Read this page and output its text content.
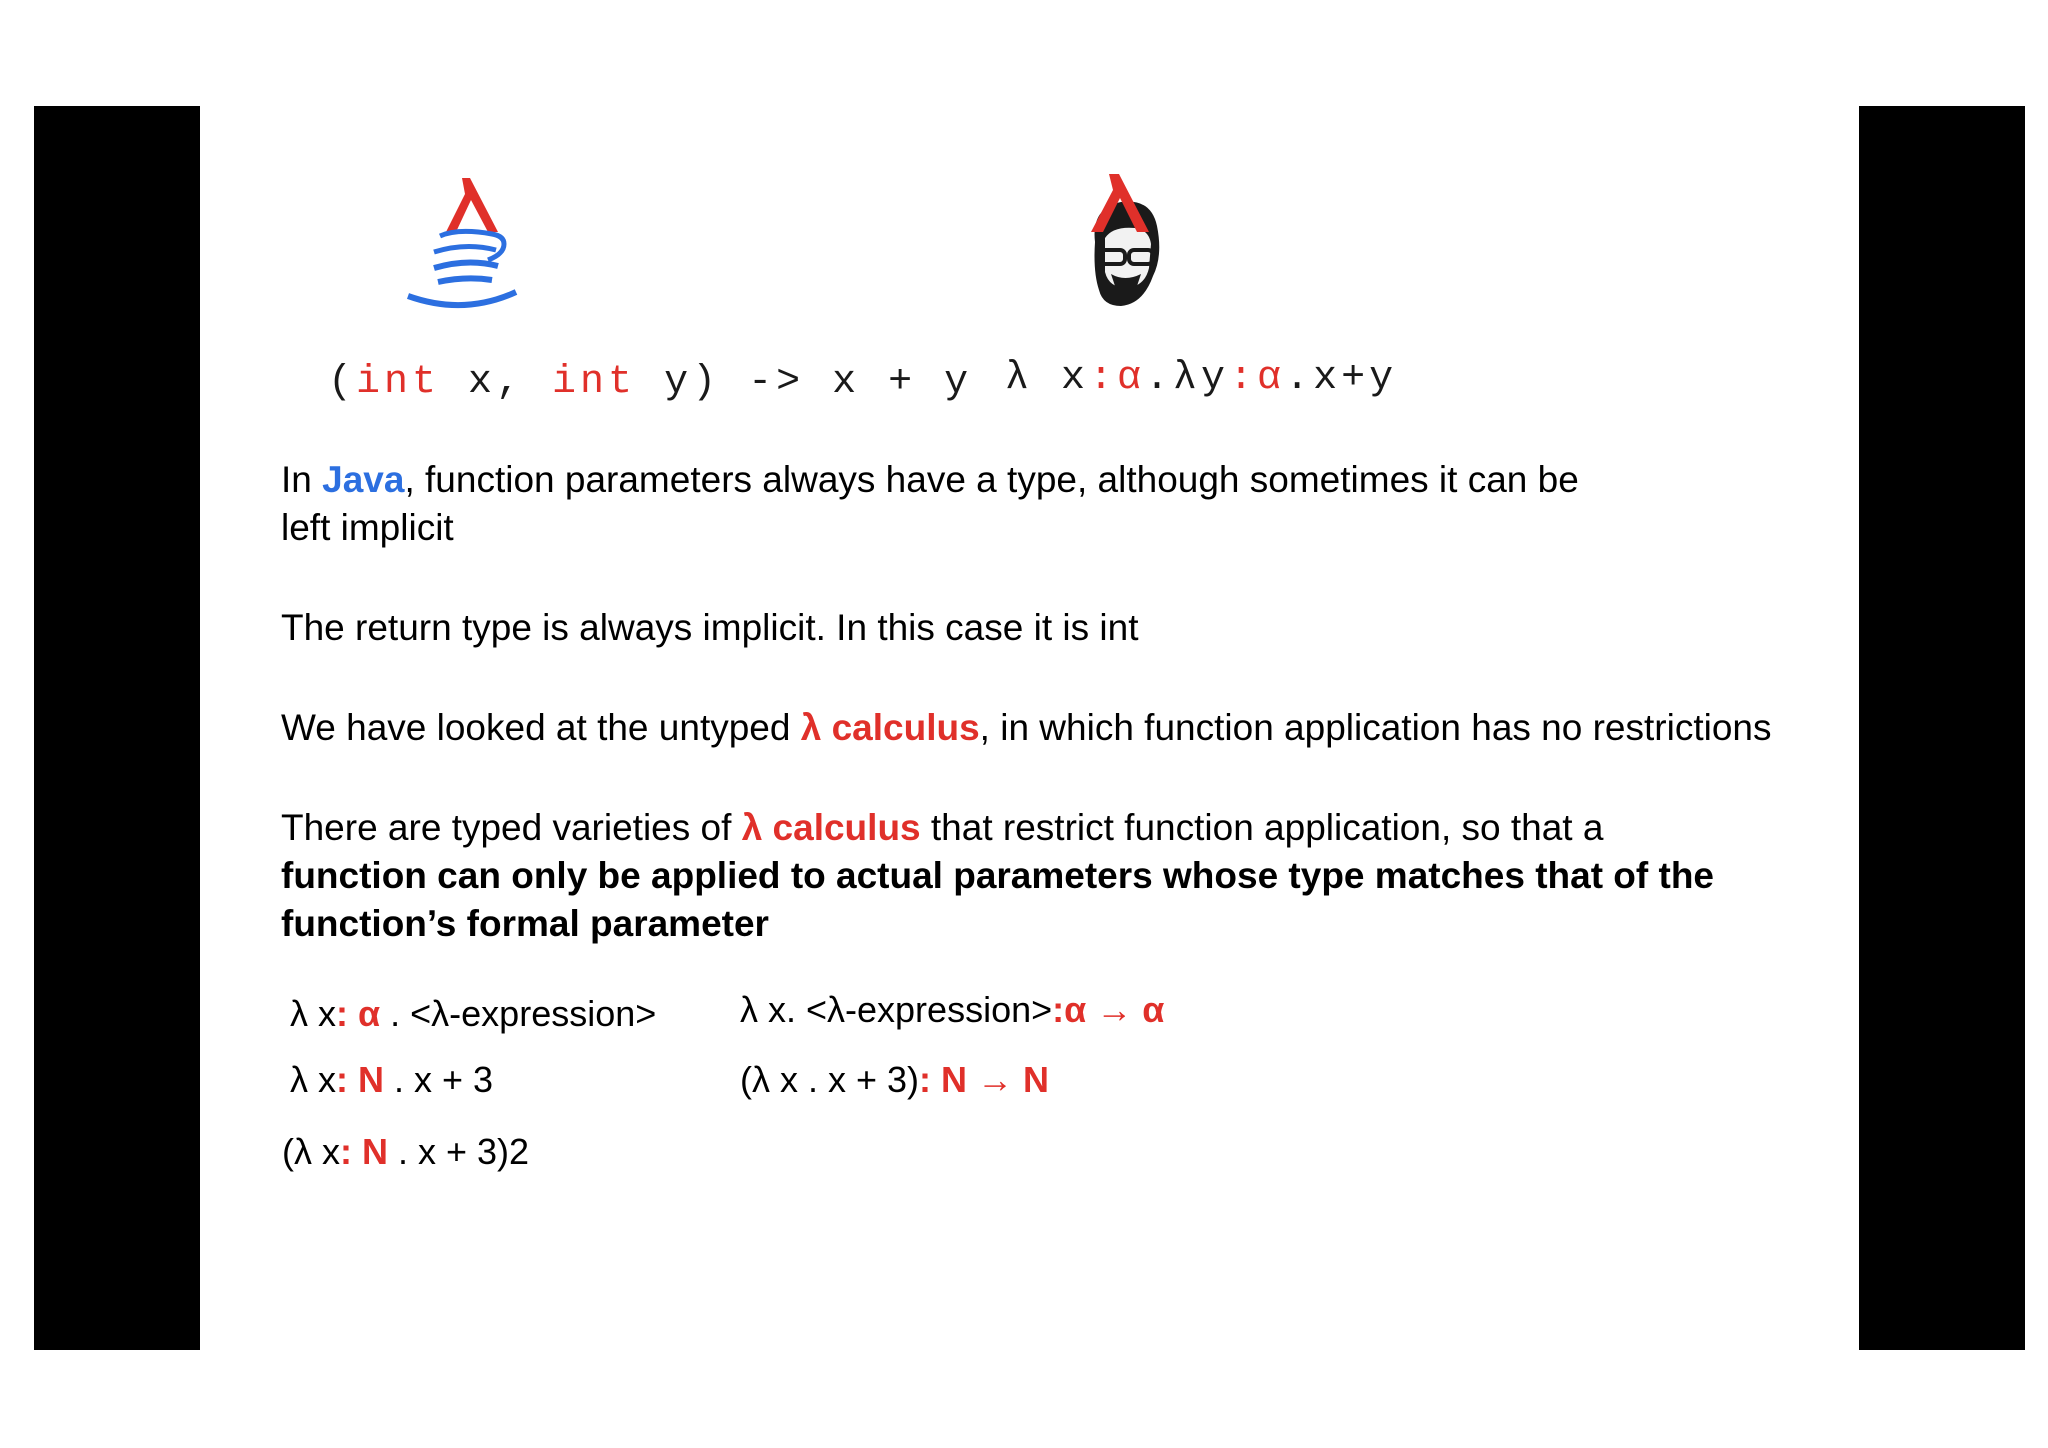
(int x, int y) -> x + y λ x:α.λy:α.x+y
In Java, function parameters always have a type, although sometimes it can be
left implicit
The return type is always implicit. In this case it is int
We have looked at the untyped λ calculus, in which function application has no restrictions
There are typed varieties of λ calculus that restrict function application, so that a
function can only be applied to actual parameters whose type matches that of the
function’s formal parameter
λ x: α . <λ-expression> λ x. <λ-expression>:α → α
λ x: N . x + 3	(λ x . x + 3): N → N
(λ x: N . x + 3)2
